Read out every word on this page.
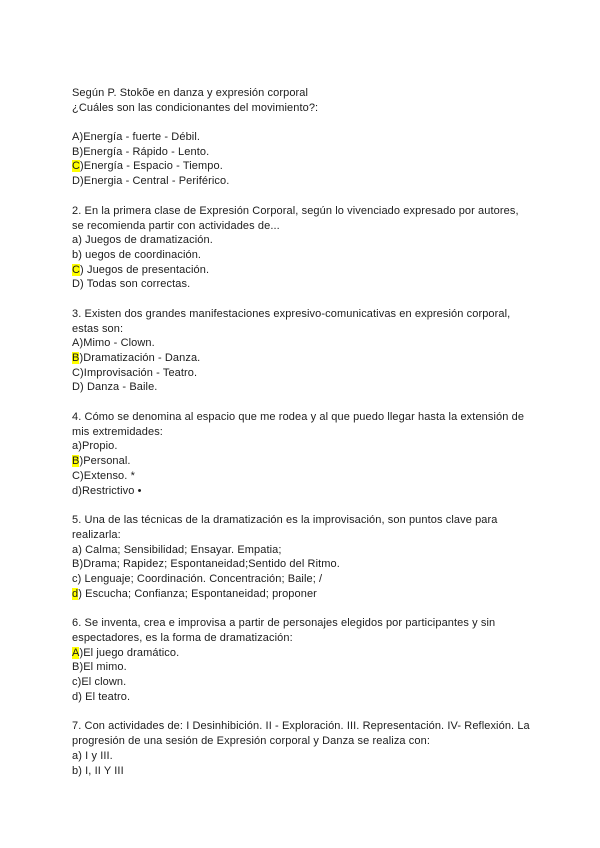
Según P. Stokõe en danza y expresión corporal
¿Cuáles son las condicionantes del movimiento?:
A)Energía - fuerte - Débil.
B)Energía - Rápido - Lento.
C)Energía - Espacio - Tiempo.
D)Energia - Central - Periférico.
2. En la primera clase de Expresión Corporal, según lo vivenciado expresado por autores,
se recomienda partir con actividades de...
a) Juegos de dramatización.
b) uegos de coordinación.
C) Juegos de presentación.
D) Todas son correctas.
3. Existen dos grandes manifestaciones expresivo-comunicativas en expresión corporal,
estas son:
A)Mimo - Clown.
B)Dramatización - Danza.
C)Improvisación - Teatro.
D) Danza - Baile.
4. Cómo se denomina al espacio que me rodea y al que puedo llegar hasta la extensión de
mis extremidades:
a)Propio.
B)Personal.
C)Extenso. *
d)Restrictivo •
5. Una de las técnicas de la dramatización es la improvisación, son puntos clave para
realizarla:
a) Calma; Sensibilidad; Ensayar. Empatia;
B)Drama; Rapidez; Espontaneidad;Sentido del Ritmo.
c) Lenguaje; Coordinación. Concentración; Baile; /
d) Escucha; Confianza; Espontaneidad; proponer
6. Se inventa, crea e improvisa a partir de personajes elegidos por participantes y sin
espectadores, es la forma de dramatización:
A)El juego dramático.
B)El mimo.
c)El clown.
d) El teatro.
7. Con actividades de: I Desinhibición. II - Exploración. III. Representación. IV- Reflexión. La
progresión de una sesión de Expresión corporal y Danza se realiza con:
a) I y III.
b) I, II Y III
